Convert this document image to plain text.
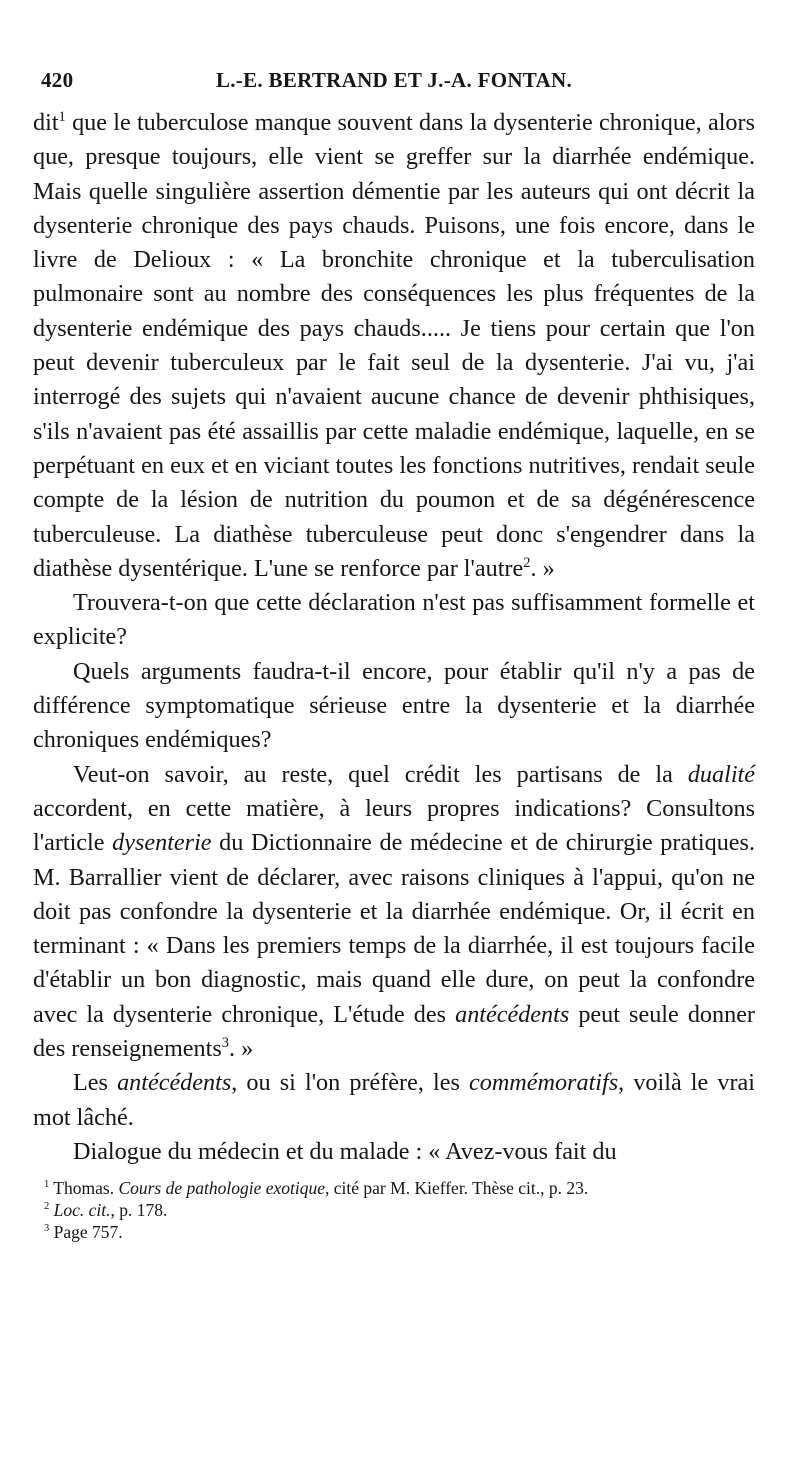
420	L.-E. BERTRAND ET J.-A. FONTAN.

dit$^1$ que le tuberculose manque souvent dans la dysenterie chronique, alors que, presque toujours, elle vient se greffer sur la diarrhée endémique. Mais quelle singulière assertion démentie par les auteurs qui ont décrit la dysenterie chronique des pays chauds. Puisons, une fois encore, dans le livre de Delioux : « La bronchite chronique et la tuberculisation pulmonaire sont au nombre des conséquences les plus fréquentes de la dysenterie endémique des pays chauds..... Je tiens pour certain que l'on peut devenir tuberculeux par le fait seul de la dysenterie. J'ai vu, j'ai interrogé des sujets qui n'avaient aucune chance de devenir phthisiques, s'ils n'avaient pas été assaillis par cette maladie endémique, laquelle, en se perpétuant en eux et en viciant toutes les fonctions nutritives, rendait seule compte de la lésion de nutrition du poumon et de sa dégénérescence tuberculeuse. La diathèse tuberculeuse peut donc s'engendrer dans la diathèse dysentérique. L'une se renforce par l'autre$^2$. »

Trouvera-t-on que cette déclaration n'est pas suffisamment formelle et explicite?

Quels arguments faudra-t-il encore, pour établir qu'il n'y a pas de différence symptomatique sérieuse entre la dysenterie et la diarrhée chroniques endémiques?

Veut-on savoir, au reste, quel crédit les partisans de la dualité accordent, en cette matière, à leurs propres indications? Consultons l'article dysenterie du Dictionnaire de médecine et de chirurgie pratiques. M. Barrallier vient de déclarer, avec raisons cliniques à l'appui, qu'on ne doit pas confondre la dysenterie et la diarrhée endémique. Or, il écrit en terminant : « Dans les premiers temps de la diarrhée, il est toujours facile d'établir un bon diagnostic, mais quand elle dure, on peut la confondre avec la dysenterie chronique, L'étude des antécédents peut seule donner des renseignements$^3$. »

Les antécédents, ou si l'on préfère, les commémoratifs, voilà le vrai mot lâché.

Dialogue du médecin et du malade : « Avez-vous fait du

$^1$ Thomas. Cours de pathologie exotique, cité par M. Kieffer. Thèse cit., p. 23.

$^2$ Loc. cit., p. 178.

$^3$ Page 757.
